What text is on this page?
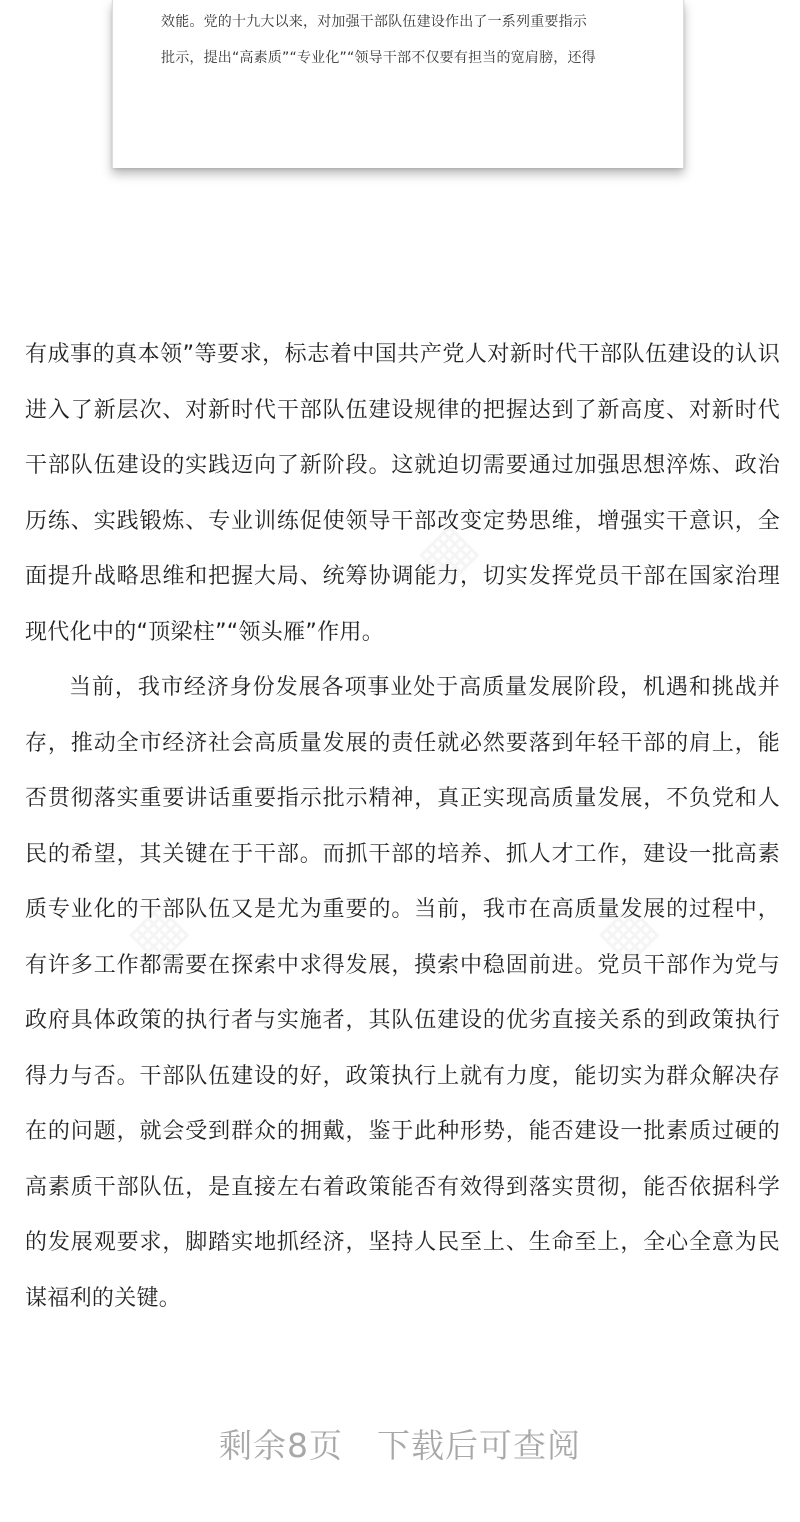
效能。党的十九大以来，对加强干部队伍建设作出了一系列重要指示
批示，提出“高素质”“专业化”“领导干部不仅要有担当的宽肩膀，还得
▦
▦	▦

有成事的真本领”等要求，标志着中国共产党人对新时代干部队伍建设的认识进入了新层次、对新时代干部队伍建设规律的把握达到了新高度、对新时代干部队伍建设的实践迈向了新阶段。这就迫切需要通过加强思想淬炼、政治历练、实践锻炼、专业训练促使领导干部改变定势思维，增强实干意识，全面提升战略思维和把握大局、统筹协调能力，切实发挥党员干部在国家治理现代化中的“顶梁柱”“领头雁”作用。

当前，我市经济身份发展各项事业处于高质量发展阶段，机遇和挑战并存，推动全市经济社会高质量发展的责任就必然要落到年轻干部的肩上，能否贯彻落实重要讲话重要指示批示精神，真正实现高质量发展，不负党和人民的希望，其关键在于干部。而抓干部的培养、抓人才工作，建设一批高素质专业化的干部队伍又是尤为重要的。当前，我市在高质量发展的过程中，有许多工作都需要在探索中求得发展，摸索中稳固前进。党员干部作为党与政府具体政策的执行者与实施者，其队伍建设的优劣直接关系的到政策执行得力与否。干部队伍建设的好，政策执行上就有力度，能切实为群众解决存在的问题，就会受到群众的拥戴，鉴于此种形势，能否建设一批素质过硬的高素质干部队伍，是直接左右着政策能否有效得到落实贯彻，能否依据科学的发展观要求，脚踏实地抓经济，坚持人民至上、生命至上，全心全意为民谋福利的关键。

剩余8页 下载后可查阅
